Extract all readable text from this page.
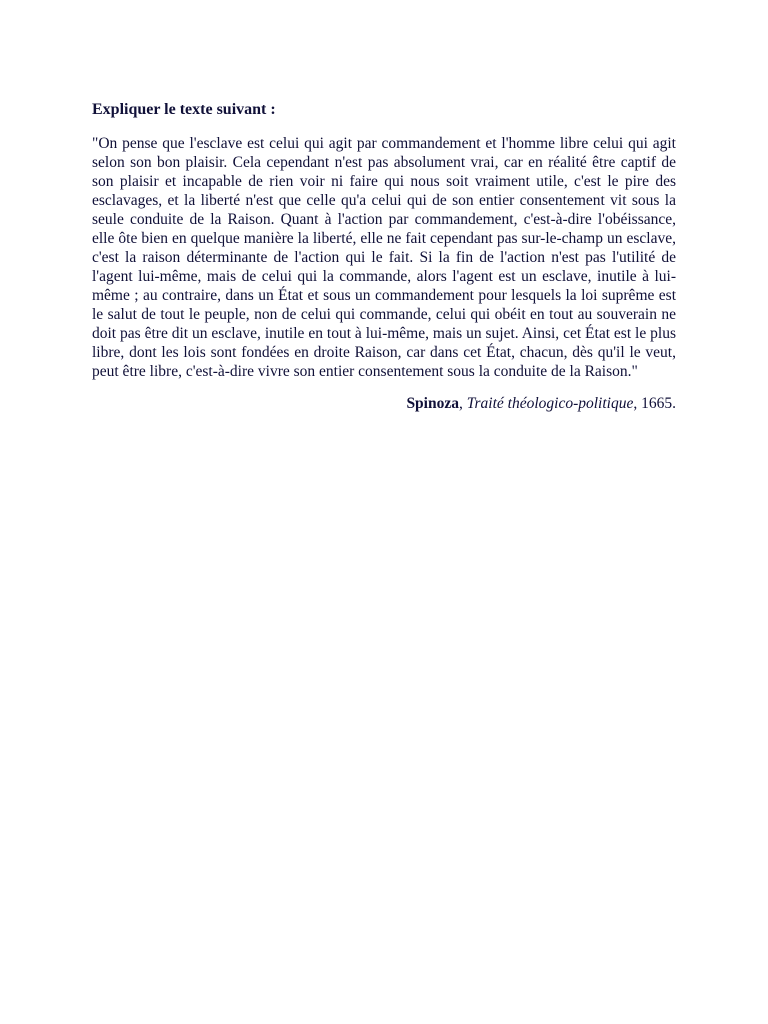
Expliquer le texte suivant :

"On pense que l'esclave est celui qui agit par commandement et l'homme libre celui qui agit selon son bon plaisir. Cela cependant n'est pas absolument vrai, car en réalité être captif de son plaisir et incapable de rien voir ni faire qui nous soit vraiment utile, c'est le pire des esclavages, et la liberté n'est que celle qu'a celui qui de son entier consentement vit sous la seule conduite de la Raison. Quant à l'action par commandement, c'est-à-dire l'obéissance, elle ôte bien en quelque manière la liberté, elle ne fait cependant pas sur-le-champ un esclave, c'est la raison déterminante de l'action qui le fait. Si la fin de l'action n'est pas l'utilité de l'agent lui-même, mais de celui qui la commande, alors l'agent est un esclave, inutile à lui-même ; au contraire, dans un État et sous un commandement pour lesquels la loi suprême est le salut de tout le peuple, non de celui qui commande, celui qui obéit en tout au souverain ne doit pas être dit un esclave, inutile en tout à lui-même, mais un sujet. Ainsi, cet État est le plus libre, dont les lois sont fondées en droite Raison, car dans cet État, chacun, dès qu'il le veut, peut être libre, c'est-à-dire vivre son entier consentement sous la conduite de la Raison."

Spinoza, Traité théologico-politique, 1665.
